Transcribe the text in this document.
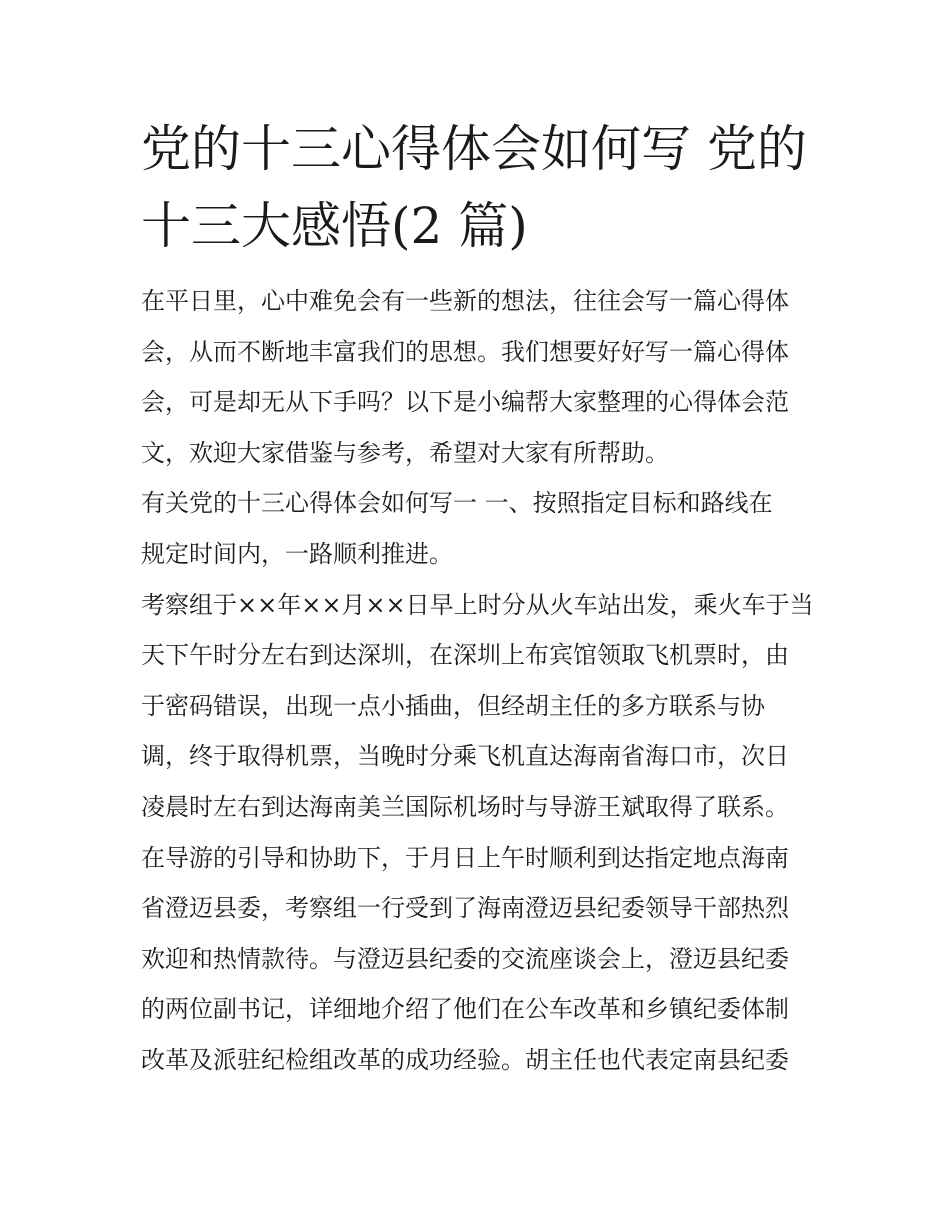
党的十三心得体会如何写 党的
十三大感悟(2 篇)
在平日里，心中难免会有一些新的想法，往往会写一篇心得体
会，从而不断地丰富我们的思想。我们想要好好写一篇心得体
会，可是却无从下手吗？以下是小编帮大家整理的心得体会范
文，欢迎大家借鉴与参考，希望对大家有所帮助。
有关党的十三心得体会如何写一 一、按照指定目标和路线在
规定时间内，一路顺利推进。
考察组于××年××月××日早上时分从火车站出发，乘火车于当
天下午时分左右到达深圳，在深圳上布宾馆领取飞机票时，由
于密码错误，出现一点小插曲，但经胡主任的多方联系与协
调，终于取得机票，当晚时分乘飞机直达海南省海口市，次日
凌晨时左右到达海南美兰国际机场时与导游王斌取得了联系。
在导游的引导和协助下，于月日上午时顺利到达指定地点海南
省澄迈县委，考察组一行受到了海南澄迈县纪委领导干部热烈
欢迎和热情款待。与澄迈县纪委的交流座谈会上，澄迈县纪委
的两位副书记，详细地介绍了他们在公车改革和乡镇纪委体制
改革及派驻纪检组改革的成功经验。胡主任也代表定南县纪委
